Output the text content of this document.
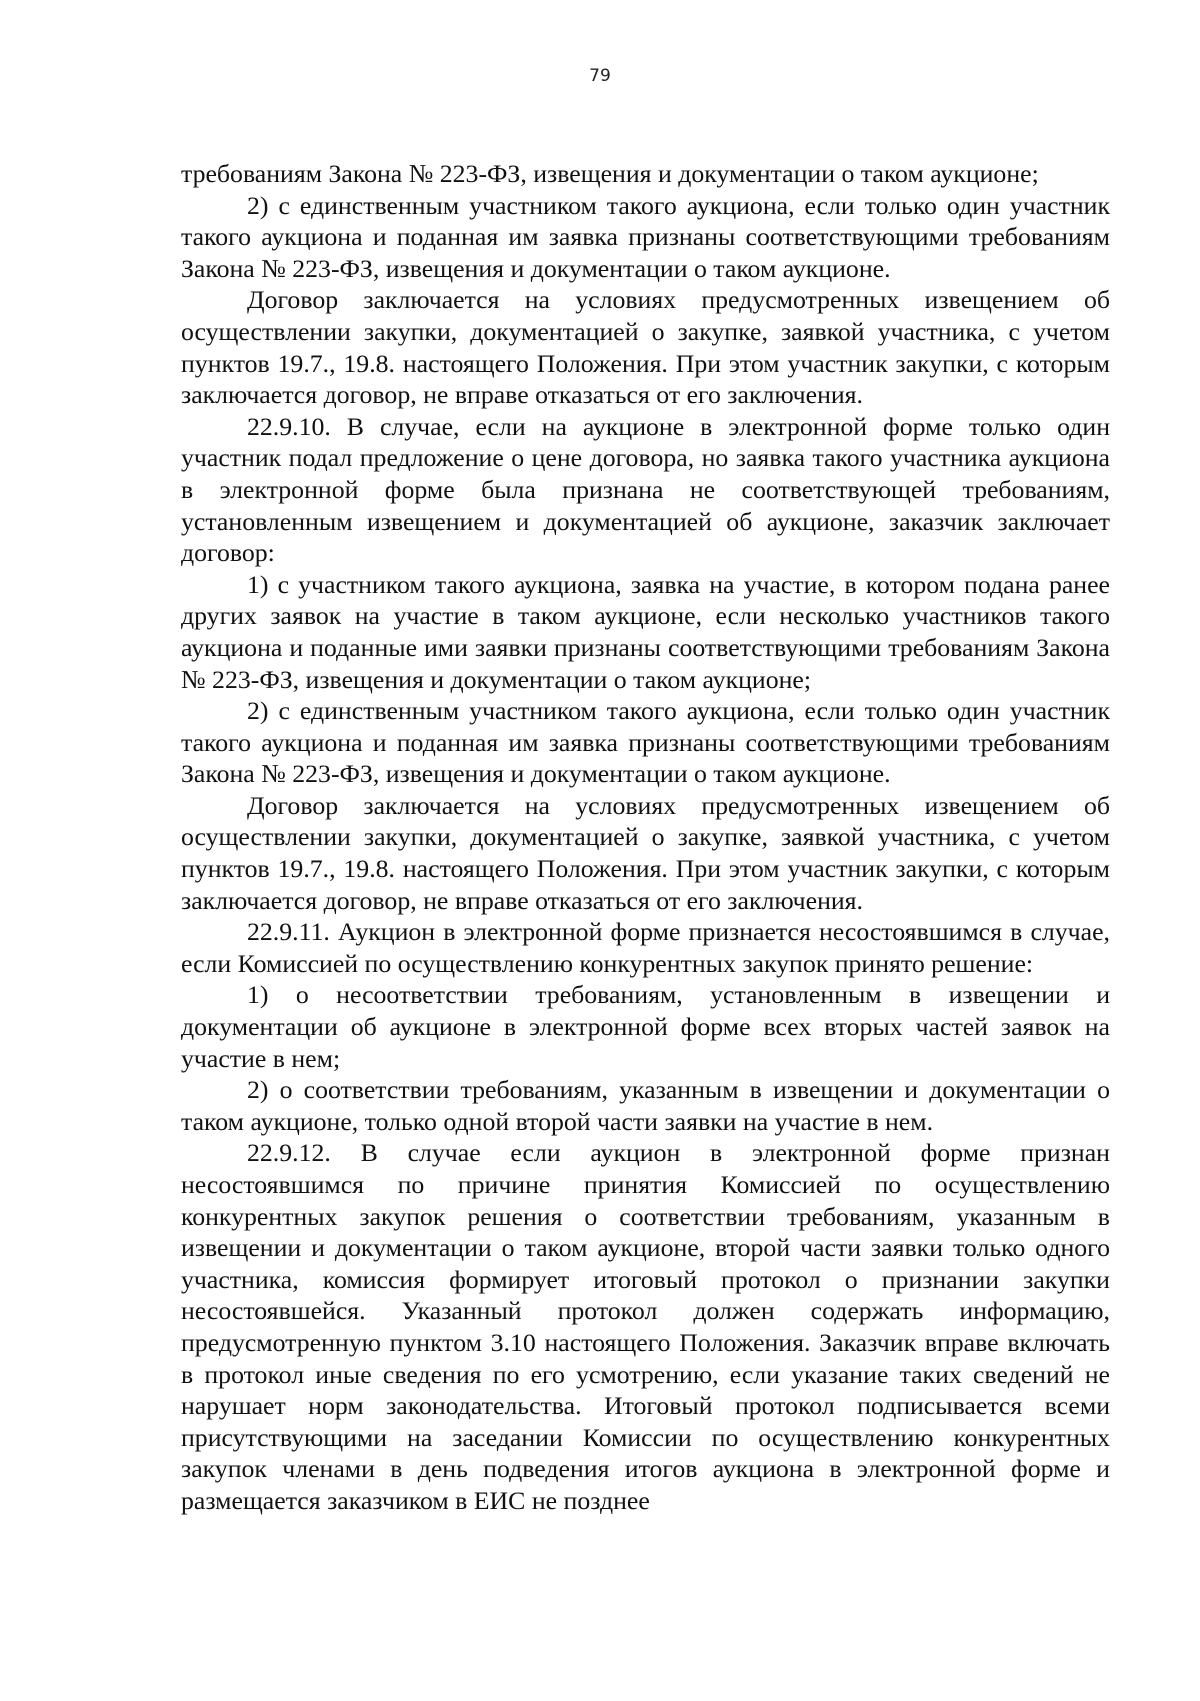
79

требованиям Закона № 223-ФЗ, извещения и документации о таком аукционе;

2) с единственным участником такого аукциона, если только один участник такого аукциона и поданная им заявка признаны соответствующими требованиям Закона № 223-ФЗ, извещения и документации о таком аукционе.

Договор заключается на условиях предусмотренных извещением об осуществлении закупки, документацией о закупке, заявкой участника, с учетом пунктов 19.7., 19.8. настоящего Положения. При этом участник закупки, с которым заключается договор, не вправе отказаться от его заключения.

22.9.10. В случае, если на аукционе в электронной форме только один участник подал предложение о цене договора, но заявка такого участника аукциона в электронной форме была признана не соответствующей требованиям, установленным извещением и документацией об аукционе, заказчик заключает договор:

1) с участником такого аукциона, заявка на участие, в котором подана ранее других заявок на участие в таком аукционе, если несколько участников такого аукциона и поданные ими заявки признаны соответствующими требованиям Закона № 223-ФЗ, извещения и документации о таком аукционе;

2) с единственным участником такого аукциона, если только один участник такого аукциона и поданная им заявка признаны соответствующими требованиям Закона № 223-ФЗ, извещения и документации о таком аукционе.

Договор заключается на условиях предусмотренных извещением об осуществлении закупки, документацией о закупке, заявкой участника, с учетом пунктов 19.7., 19.8. настоящего Положения. При этом участник закупки, с которым заключается договор, не вправе отказаться от его заключения.

22.9.11. Аукцион в электронной форме признается несостоявшимся в случае, если Комиссией по осуществлению конкурентных закупок принято решение:

1) о несоответствии требованиям, установленным в извещении и документации об аукционе в электронной форме всех вторых частей заявок на участие в нем;

2) о соответствии требованиям, указанным в извещении и документации о таком аукционе, только одной второй части заявки на участие в нем.

22.9.12. В случае если аукцион в электронной форме признан несостоявшимся по причине принятия Комиссией по осуществлению конкурентных закупок решения о соответствии требованиям, указанным в извещении и документации о таком аукционе, второй части заявки только одного участника, комиссия формирует итоговый протокол о признании закупки несостоявшейся. Указанный протокол должен содержать информацию, предусмотренную пунктом 3.10 настоящего Положения. Заказчик вправе включать в протокол иные сведения по его усмотрению, если указание таких сведений не нарушает норм законодательства. Итоговый протокол подписывается всеми присутствующими на заседании Комиссии по осуществлению конкурентных закупок членами в день подведения итогов аукциона в электронной форме и размещается заказчиком в ЕИС не позднее
